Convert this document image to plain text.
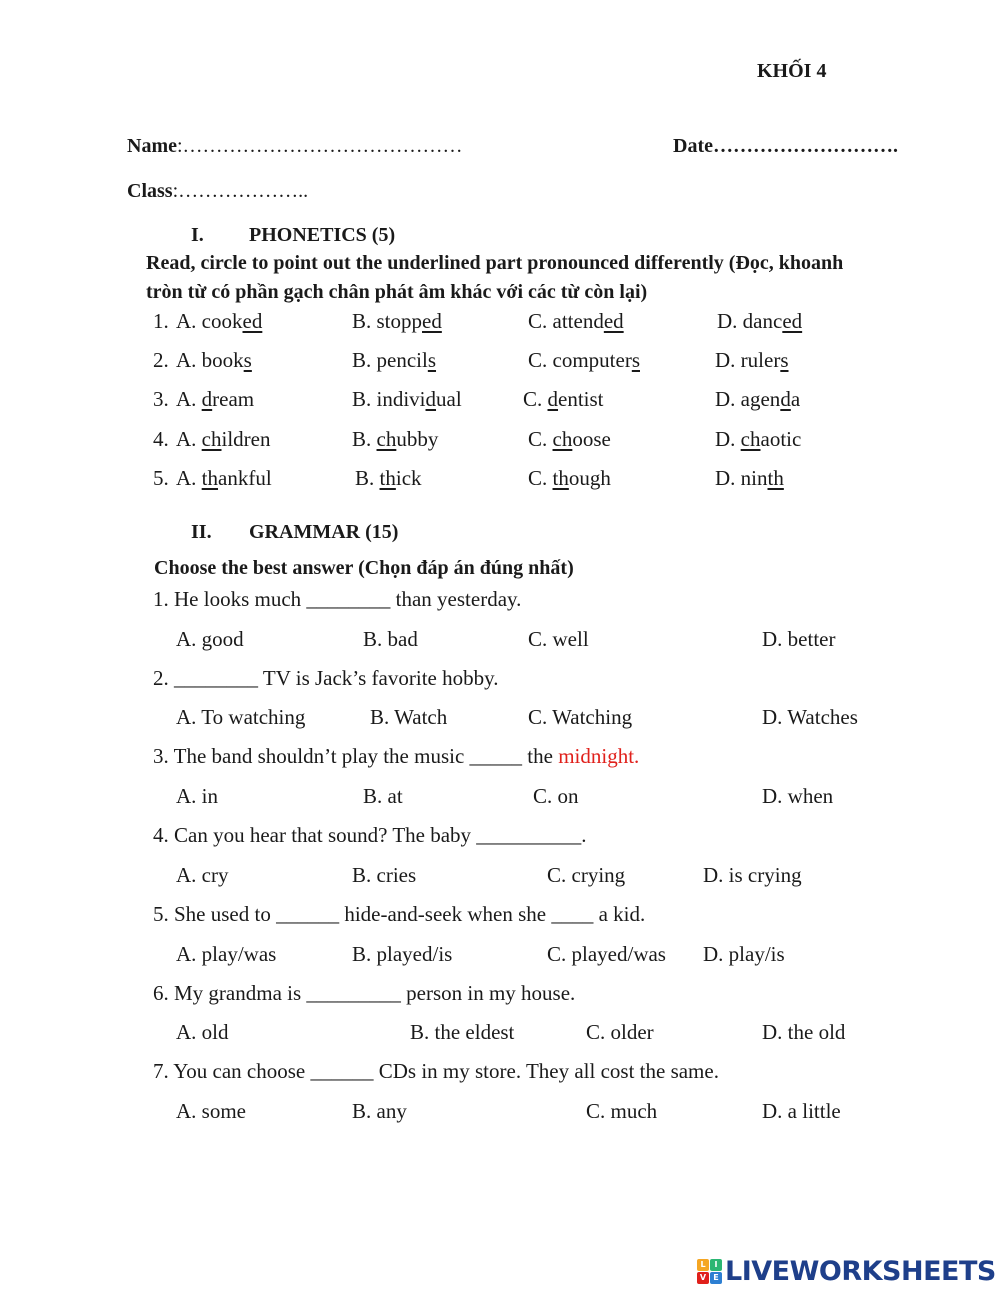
KHỐI 4
Name:……………………………………	Date……………………….
Class:………………..
I. PHONETICS (5)
Read, circle to point out the underlined part pronounced differently (Đọc, khoanh
tròn từ có phần gạch chân phát âm khác với các từ còn lại)
1. A. cooked	B. stopped	C. attended	D. danced
2. A. books	B. pencils	C. computers	D. rulers
3. A. dream	B. individual	C. dentist	D. agenda
4. A. children	B. chubby	C. choose	D. chaotic
5. A. thankful	B. thick	C. though	D. ninth
II. GRAMMAR (15)
Choose the best answer (Chọn đáp án đúng nhất)
1. He looks much ________ than yesterday.
A. good	B. bad	C. well	D. better
2. ________ TV is Jack’s favorite hobby.
A. To watching	B. Watch	C. Watching	D. Watches
3. The band shouldn’t play the music _____ the midnight.
A. in	B. at	C. on	D. when
4. Can you hear that sound? The baby __________.
A. cry	B. cries	C. crying	D. is crying
5. She used to ______ hide-and-seek when she ____ a kid.
A. play/was	B. played/is	C. played/was D. play/is
6. My grandma is _________ person in my house.
A. old	B. the eldest	C. older	D. the old
7. You can choose ______ CDs in my store. They all cost the same.
A. some	B. any	C. much	D. a little
L	I
V E LIVEWORKSHEETS
